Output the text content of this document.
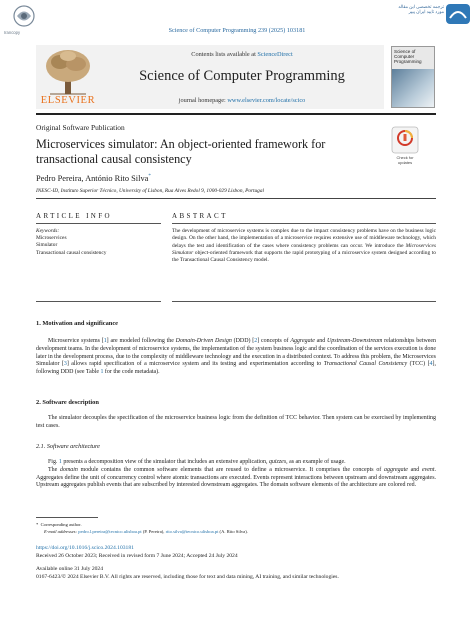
Irancopy
ترجمه تخصصی این مقاله
مورد تایید ایران پیپر
Science of Computer Programming 239 (2025) 103181
ELSEVIER
Contents lists available at ScienceDirect
Science of Computer Programming
journal homepage: www.elsevier.com/locate/scico
Science of Computer Programming
Original Software Publication
Microservices simulator: An object-oriented framework for transactional causal consistency	Check for updates
Pedro Pereira, António Rito Silva*
INESC-ID, Instituto Superior Técnico, University of Lisbon, Rua Alves Redol 9, 1000-029 Lisbon, Portugal
ARTICLE INFO	ABSTRACT
Keywords:
Microservices
Simulator
Transactional causal consistency
The development of microservice systems is complex due to the impact consistency problems have on the business logic design. On the other hand, the implementation of a microservice requires extensive use of middleware technology, which delays the test and identification of the cases where consistency problems can occur. We introduce the Microservices Simulator object-oriented framework that supports the rapid prototyping of a microservice system designed according to the Transactional Causal Consistency model.
1. Motivation and significance
Microservice systems [1] are modeled following the Domain-Driven Design (DDD) [2] concepts of Aggregate and Upstream-Downstream relationships between development teams. In the development of microservice systems, the implementation of the system business logic and the coordination of the services execution is done later in the development process, due to the complexity of middleware technology and the execution in a distributed context. To address this problem, the Microservices Simulator [3] allows rapid specification of a microservice system and its testing and experimentation according to Transactional Causal Consistency (TCC) [4], following DDD (see Table 1 for the code metadata).
2. Software description
The simulator decouples the specification of the microservice business logic from the definition of TCC behavior. Then system can be exercised by implementing test cases.
2.1. Software architecture
Fig. 1 presents a decomposition view of the simulator that includes an extensive application, quizzes, as an example of usage.
The domain module contains the common software elements that are reused to define a microservice. It comprises the concepts of aggregate and event. Aggregates define the unit of concurrency control where atomic transactions are executed. Events represent interactions between upstream and downstream aggregates. Upstream aggregates publish events that are subscribed by interested downstream aggregates. The domain software elements of the architecture are colored red.
* Corresponding author.
E-mail addresses: pedro.l.pereira@tecnico.ulisboa.pt (P. Pereira), rito.silva@tecnico.ulisboa.pt (A. Rito Silva).
https://doi.org/10.1016/j.scico.2024.103181
Received 26 October 2023; Received in revised form 7 June 2024; Accepted 24 July 2024
Available online 31 July 2024
0167-6423/© 2024 Elsevier B.V. All rights are reserved, including those for text and data mining, AI training, and similar technologies.
